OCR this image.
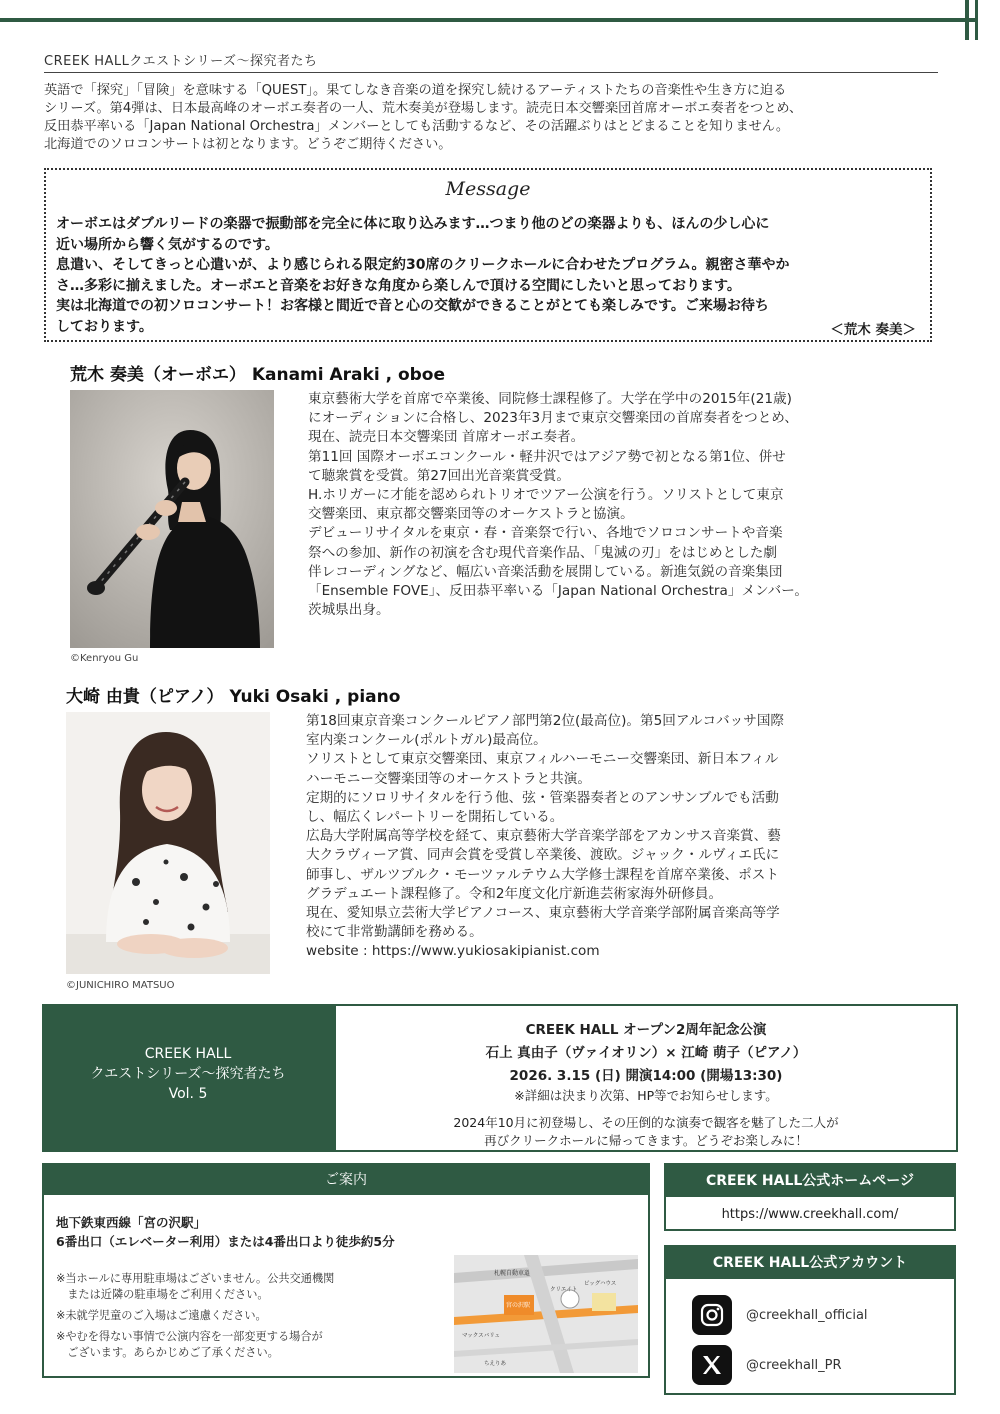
CREEK HALLクエストシリーズ～探究者たち

英語で「探究」「冒険」を意味する「QUEST」。果てしなき音楽の道を探究し続けるアーティストたちの音楽性や生き方に迫る

シリーズ。第4弾は、日本最高峰のオーボエ奏者の一人、荒木奏美が登場します。読売日本交響楽団首席オーボエ奏者をつとめ、

反田恭平率いる「Japan National Orchestra」メンバーとしても活動するなど、その活躍ぶりはとどまることを知りません。

北海道でのソロコンサートは初となります。どうぞご期待ください。

Message

オーボエはダブルリードの楽器で振動部を完全に体に取り込みます…つまり他のどの楽器よりも、ほんの少し心に

近い場所から響く気がするのです。

息遣い、そしてきっと心遣いが、より感じられる限定約30席のクリークホールに合わせたプログラム。親密さ華やか

さ…多彩に揃えました。オーボエと音楽をお好きな角度から楽しんで頂ける空間にしたいと思っております。

実は北海道での初ソロコンサート！お客様と間近で音と心の交歓ができることがとても楽しみです。ご来場お待ち

しております。	＜荒木 奏美＞
荒木 奏美（オーボエ） Kanami Araki , oboe
©Kenryou Gu

東京藝術大学を首席で卒業後、同院修士課程修了。大学在学中の2015年(21歳)

にオーディションに合格し、2023年3月まで東京交響楽団の首席奏者をつとめ、

現在、読売日本交響楽団 首席オーボエ奏者。

第11回 国際オーボエコンクール・軽井沢ではアジア勢で初となる第1位、併せ

て聴衆賞を受賞。第27回出光音楽賞受賞。

H.ホリガーに才能を認められトリオでツアー公演を行う。ソリストとして東京

交響楽団、東京都交響楽団等のオーケストラと協演。

デビューリサイタルを東京・春・音楽祭で行い、各地でソロコンサートや音楽

祭への参加、新作の初演を含む現代音楽作品、「鬼滅の刃」をはじめとした劇

伴レコーディングなど、幅広い音楽活動を展開している。新進気鋭の音楽集団

「Ensemble FOVE」、反田恭平率いる「Japan National Orchestra」メンバー。

茨城県出身。

大崎 由貴（ピアノ） Yuki Osaki , piano
©JUNICHIRO MATSUO

第18回東京音楽コンクールピアノ部門第2位(最高位)。第5回アルコバッサ国際

室内楽コンクール(ポルトガル)最高位。

ソリストとして東京交響楽団、東京フィルハーモニー交響楽団、新日本フィル

ハーモニー交響楽団等のオーケストラと共演。

定期的にソロリサイタルを行う他、弦・管楽器奏者とのアンサンブルでも活動

し、幅広くレパートリーを開拓している。

広島大学附属高等学校を経て、東京藝術大学音楽学部をアカンサス音楽賞、藝

大クラヴィーア賞、同声会賞を受賞し卒業後、渡欧。ジャック・ルヴィエ氏に

師事し、ザルツブルク・モーツァルテウム大学修士課程を首席卒業後、ポスト

グラデュエート課程修了。令和2年度文化庁新進芸術家海外研修員。

現在、愛知県立芸術大学ピアノコース、東京藝術大学音楽学部附属音楽高等学

校にて非常勤講師を務める。

website : https://www.yukiosakipianist.com

CREEK HALL
クエストシリーズ～探究者たち
Vol. 5
CREEK HALL オープン2周年記念公演
石上 真由子（ヴァイオリン）× 江崎 萌子（ピアノ）
2026. 3.15 (日) 開演14:00 (開場13:30)
※詳細は決まり次第、HP等でお知らせします。
2024年10月に初登場し、その圧倒的な演奏で観客を魅了した二人が
再びクリークホールに帰ってきます。どうぞお楽しみに！
ご案内
地下鉄東西線「宮の沢駅」
6番出口（エレベーター利用）または4番出口より徒歩約5分

※当ホールに専用駐車場はございません。公共交通機関

　または近隣の駐車場をご利用ください。

※未就学児童のご入場はご遠慮ください。

※やむを得ない事情で公演内容を一部変更する場合が

　ございます。あらかじめご了承ください。

札幌自動車道
宮の沢駅
マックスバリュ
ちえりあ
クリエイト
ビッグハウス
CREEK HALL公式ホームページ
https://www.creekhall.com/
CREEK HALL公式アカウント
@creekhall_official
@creekhall_PR
